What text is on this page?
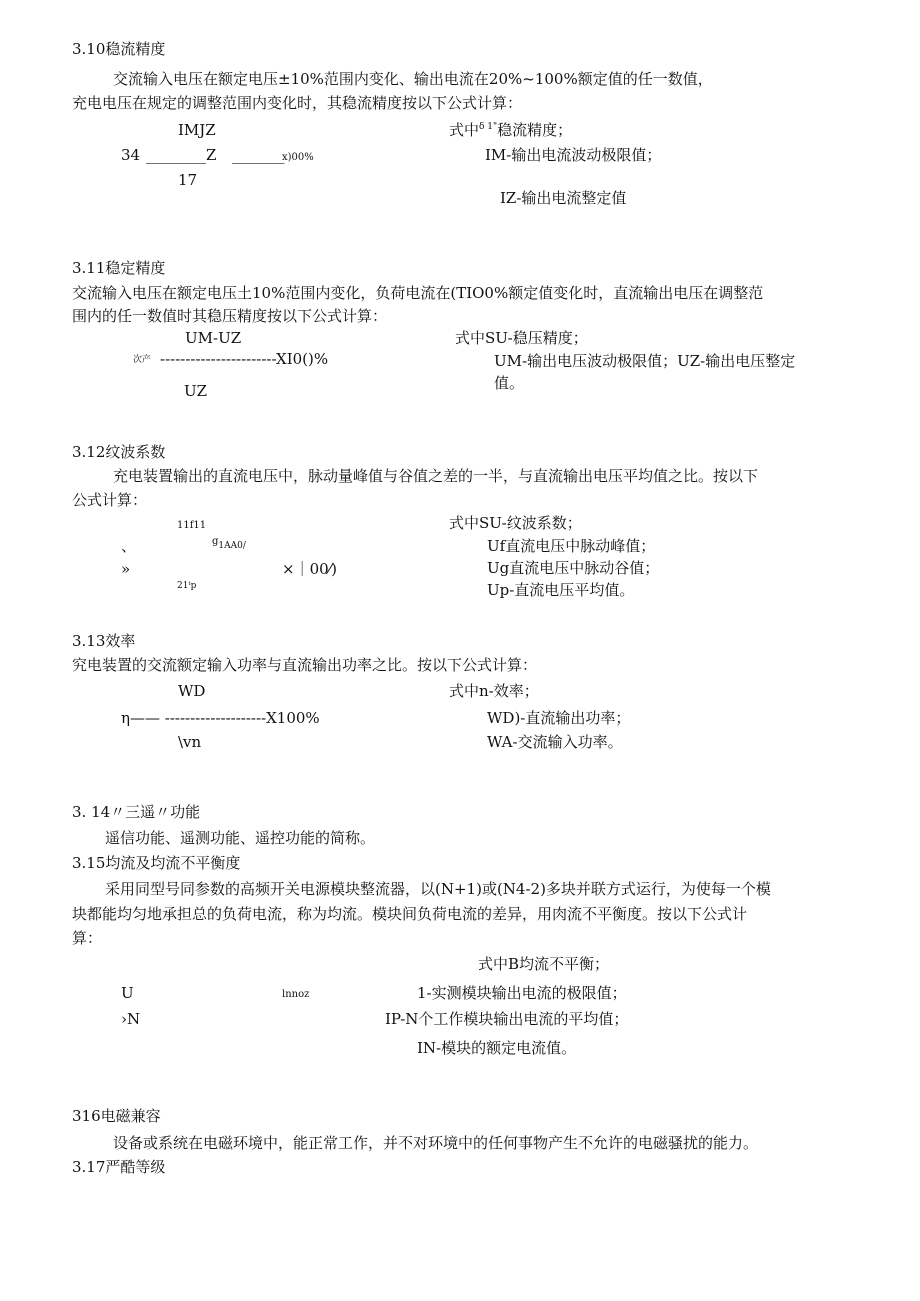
3.10稳流精度
交流输入电压在额定电压±10%范围内变化、输出电流在20%~100%额定值的任一数值，
充电电压在规定的调整范围内变化时，其稳流精度按以下公式计算：
IMJZ
34 ________Z _______
x)00%
17
式中$^{\delta 1"}$稳流精度；
IM-输出电流波动极限值；
IZ-输出电流整定值
3.11稳定精度
交流输入电压在额定电压土10%范围内变化，负荷电流在(TIO0%额定值变化时，直流输出电压在调整范
围内的任一数值时其稳压精度按以下公式计算：
UM-UZ
次产 -----------------------XI0()%
UZ
式中SU-稳压精度；
UM-输出电压波动极限值；UZ-输出电压整定
值。
3.12纹波系数
充电装置输出的直流电压中，脉动量峰值与谷值之差的一半，与直流输出电压平均值之比。按以下
公式计算：
11f11
、	g1AA0/
»	×｜00⁄)
21ᵗp
式中SU-纹波系数；
Uf直流电压中脉动峰值；
Ug直流电压中脉动谷值；
Up-直流电压平均值。
3.13效率
究电装置的交流额定输入功率与直流输出功率之比。按以下公式计算：
WD
η—— --------------------X100%
\vn
式中n-效率；
WD)-直流输出功率；
WA-交流输入功率。
3. 14〃三遥〃功能
遥信功能、遥测功能、遥控功能的简称。
3.15均流及均流不平衡度
采用同型号同参数的高频开关电源模块整流器，以(N+1)或(N4-2)多块并联方式运行，为使每一个模
块都能均匀地承担总的负荷电流，称为均流。模块间负荷电流的差异，用肉流不平衡度。按以下公式计
算：
式中B均流不平衡；
U	lnnoz	1-实测模块输出电流的极限值；
›N	IP-N个工作模块输出电流的平均值；
IN-模块的额定电流值。
316电磁兼容
设备或系统在电磁环境中，能正常工作，并不对环境中的任何事物产生不允许的电磁骚扰的能力。
3.17严酷等级
